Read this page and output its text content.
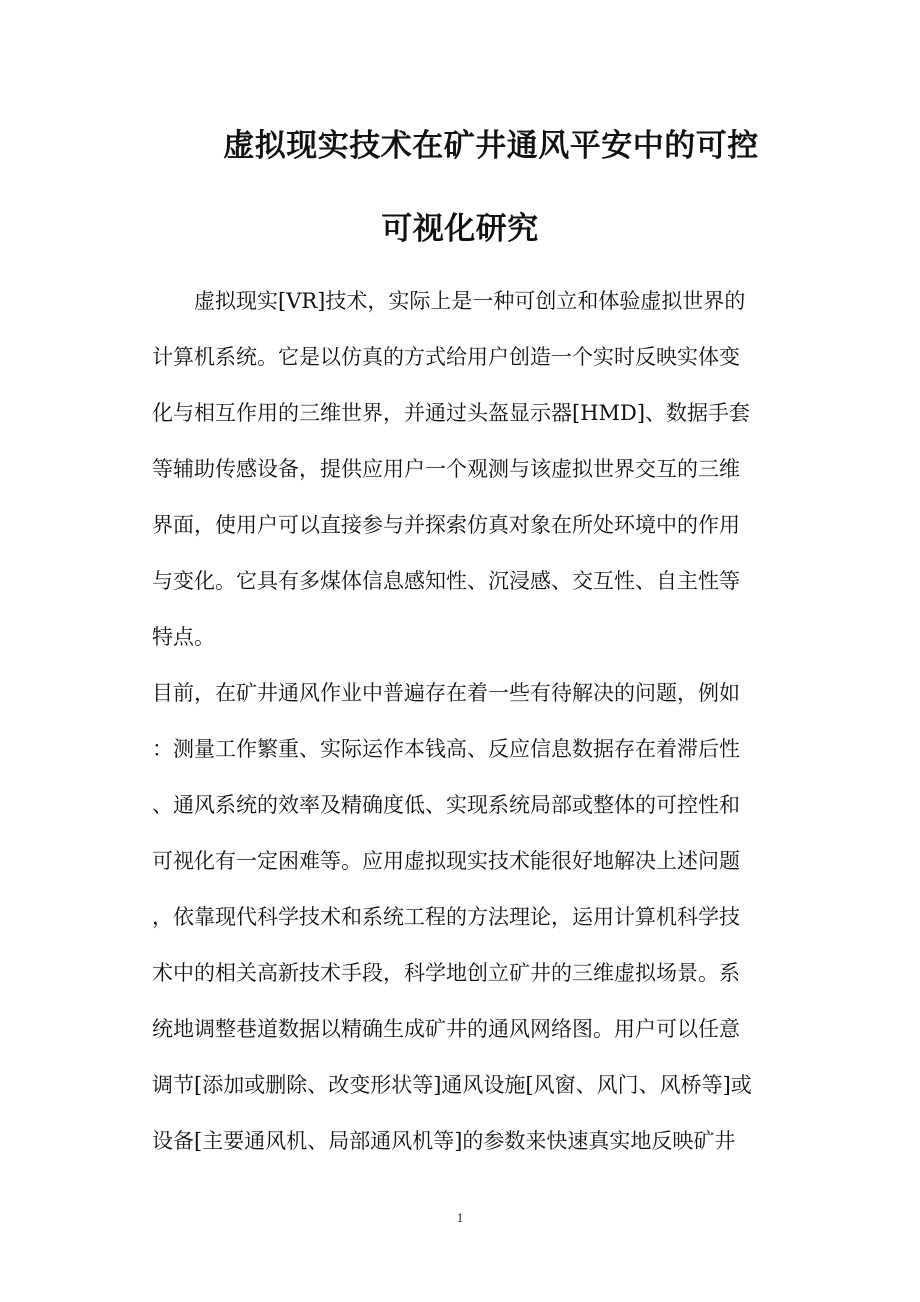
虚拟现实技术在矿井通风平安中的可控
可视化研究
虚拟现实[VR]技术，实际上是一种可创立和体验虚拟世界的
计算机系统。它是以仿真的方式给用户创造一个实时反映实体变
化与相互作用的三维世界，并通过头盔显示器[HMD]、数据手套
等辅助传感设备，提供应用户一个观测与该虚拟世界交互的三维
界面，使用户可以直接参与并探索仿真对象在所处环境中的作用
与变化。它具有多煤体信息感知性、沉浸感、交互性、自主性等
特点。
目前，在矿井通风作业中普遍存在着一些有待解决的问题，例如
：测量工作繁重、实际运作本钱高、反应信息数据存在着滞后性
、通风系统的效率及精确度低、实现系统局部或整体的可控性和
可视化有一定困难等。应用虚拟现实技术能很好地解决上述问题
，依靠现代科学技术和系统工程的方法理论，运用计算机科学技
术中的相关高新技术手段，科学地创立矿井的三维虚拟场景。系
统地调整巷道数据以精确生成矿井的通风网络图。用户可以任意
调节[添加或删除、改变形状等]通风设施[风窗、风门、风桥等]或
设备[主要通风机、局部通风机等]的参数来快速真实地反映矿井
1
